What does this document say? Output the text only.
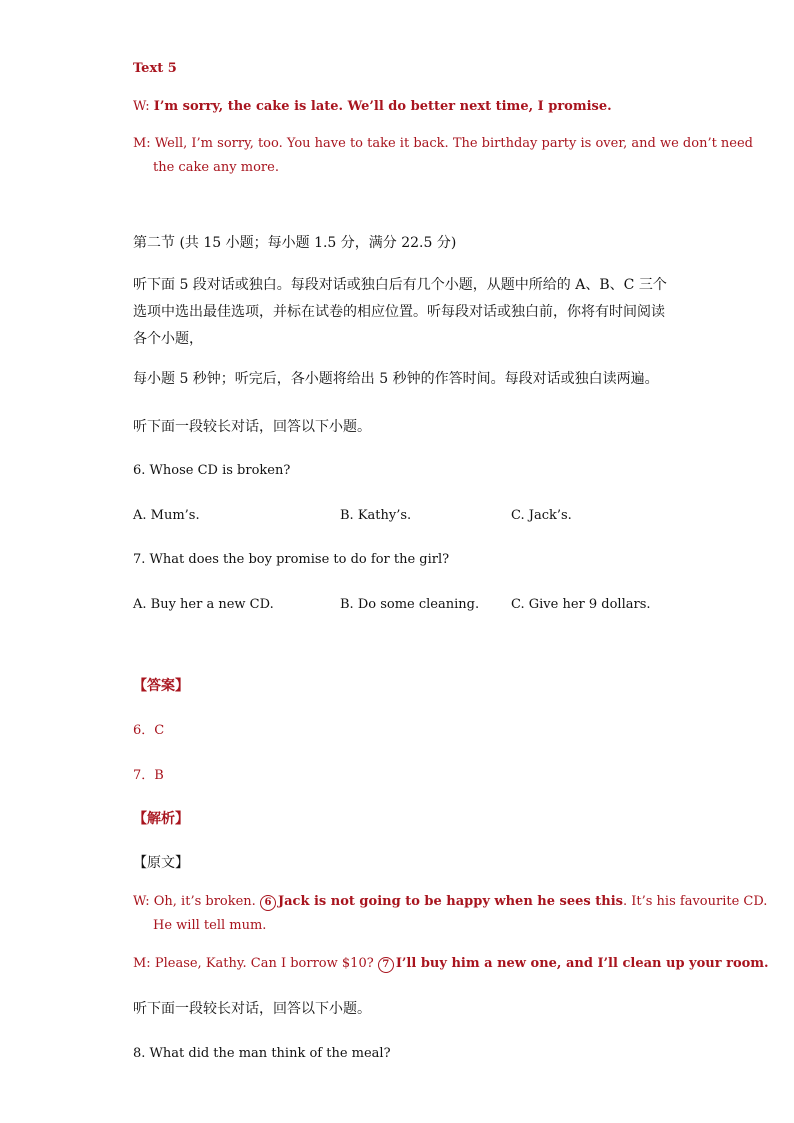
Text 5
W: I’m sorry, the cake is late. We’ll do better next time, I promise.
M: Well, I’m sorry, too. You have to take it back. The birthday party is over, and we don’t need
the cake any more.
第二节 (共 15 小题；每小题 1.5 分，满分 22.5 分)
听下面 5 段对话或独白。每段对话或独白后有几个小题，从题中所给的 A、B、C 三个
选项中选出最佳选项，并标在试卷的相应位置。听每段对话或独白前，你将有时间阅读
各个小题，
每小题 5 秒钟；听完后，各小题将给出 5 秒钟的作答时间。每段对话或独白读两遍。
听下面一段较长对话，回答以下小题。
6. Whose CD is broken?
A. Mum’s.	B. Kathy’s.	C. Jack’s.
7. What does the boy promise to do for the girl?
A. Buy her a new CD.	B. Do some cleaning. C. Give her 9 dollars.
【答案】
6．C
7．B
【解析】
【原文】
W: Oh, it’s broken. 6 Jack is not going to be happy when he sees this. It’s his favourite CD.
He will tell mum.
M: Please, Kathy. Can I borrow $10? 7 I’ll buy him a new one, and I’ll clean up your room.
听下面一段较长对话，回答以下小题。
8. What did the man think of the meal?
